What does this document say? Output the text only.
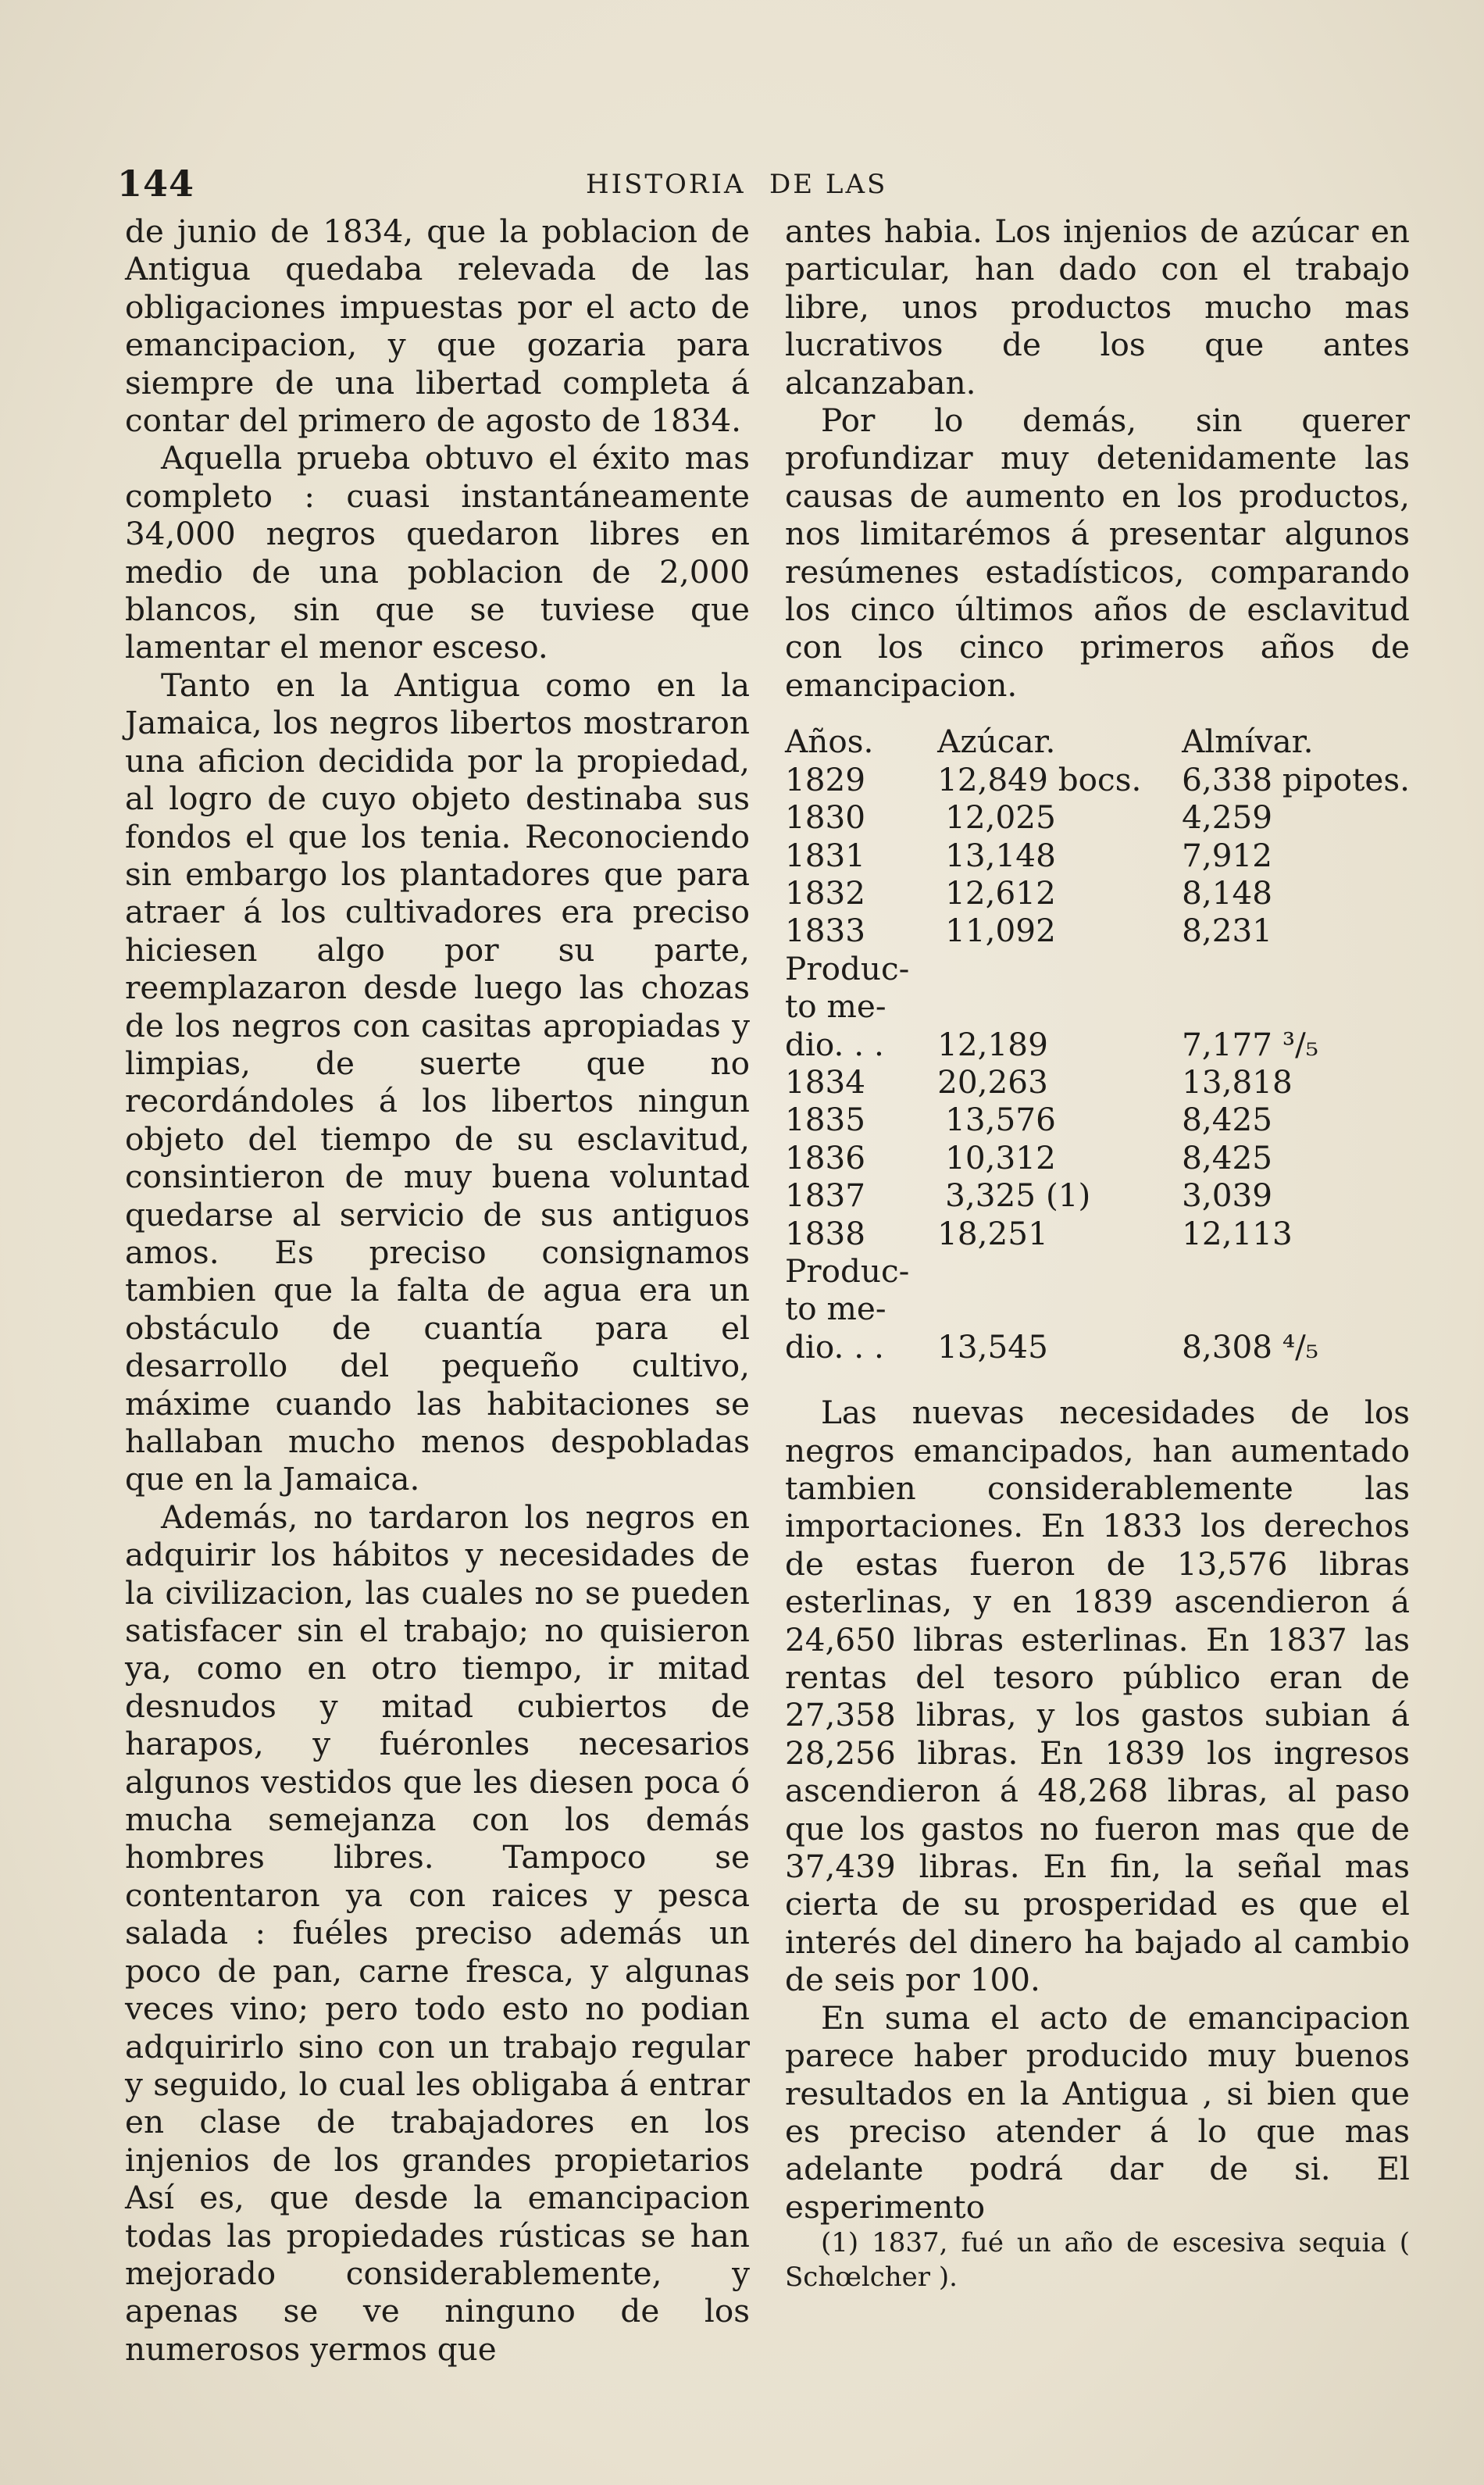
144	HISTORIA DE LAS

de junio de 1834, que la poblacion de Antigua quedaba relevada de las obligaciones impuestas por el acto de emancipacion, y que gozaria para siempre de una libertad completa á contar del primero de agosto de 1834.

Aquella prueba obtuvo el éxito mas completo : cuasi instantáneamente 34,000 negros quedaron libres en medio de una poblacion de 2,000 blancos, sin que se tuviese que lamentar el menor esceso.

Tanto en la Antigua como en la Jamaica, los negros libertos mostraron una aficion decidida por la propiedad, al logro de cuyo objeto destinaba sus fondos el que los tenia. Reconociendo sin embargo los plantadores que para atraer á los cultivadores era preciso hiciesen algo por su parte, reemplazaron desde luego las chozas de los negros con casitas apropiadas y limpias, de suerte que no recordándoles á los libertos ningun objeto del tiempo de su esclavitud, consintieron de muy buena voluntad quedarse al servicio de sus antiguos amos. Es preciso consignamos tambien que la falta de agua era un obstáculo de cuantía para el desarrollo del pequeño cultivo, máxime cuando las habitaciones se hallaban mucho menos despobladas que en la Jamaica.

Además, no tardaron los negros en adquirir los hábitos y necesidades de la civilizacion, las cuales no se pueden satisfacer sin el trabajo; no quisieron ya, como en otro tiempo, ir mitad desnudos y mitad cubiertos de harapos, y fuéronles necesarios algunos vestidos que les diesen poca ó mucha semejanza con los demás hombres libres. Tampoco se contentaron ya con raices y pesca salada : fuéles preciso además un poco de pan, carne fresca, y algunas veces vino; pero todo esto no podian adquirirlo sino con un trabajo regular y seguido, lo cual les obligaba á entrar en clase de trabajadores en los injenios de los grandes propietarios Así es, que desde la emancipacion todas las propiedades rústicas se han mejorado considerablemente, y apenas se ve ninguno de los numerosos yermos que

antes habia. Los injenios de azúcar en particular, han dado con el trabajo libre, unos productos mucho mas lucrativos de los que antes alcanzaban.

Por lo demás, sin querer profundizar muy detenidamente las causas de aumento en los productos, nos limitarémos á presentar algunos resúmenes estadísticos, comparando los cinco últimos años de esclavitud con los cinco primeros años de emancipacion.

Años.	Azúcar.	Almívar.
1829	12,849 bocs.	6,338 pipotes.
1830	12,025	4,259
1831	13,148	7,912
1832	12,612	8,148
1833	11,092	8,231
Produc-		
to me-		
dio. . .	12,189	7,177 ³/₅
1834	20,263	13,818
1835	13,576	8,425
1836	10,312	8,425
1837	3,325 (1)	3,039
1838	18,251	12,113
Produc-		
to me-		
dio. . .	13,545	8,308 ⁴/₅

Las nuevas necesidades de los negros emancipados, han aumentado tambien considerablemente las importaciones. En 1833 los derechos de estas fueron de 13,576 libras esterlinas, y en 1839 ascendieron á 24,650 libras esterlinas. En 1837 las rentas del tesoro público eran de 27,358 libras, y los gastos subian á 28,256 libras. En 1839 los ingresos ascendieron á 48,268 libras, al paso que los gastos no fueron mas que de 37,439 libras. En fin, la señal mas cierta de su prosperidad es que el interés del dinero ha bajado al cambio de seis por 100.

En suma el acto de emancipacion parece haber producido muy buenos resultados en la Antigua , si bien que es preciso atender á lo que mas adelante podrá dar de si. El esperimento

(1) 1837, fué un año de escesiva sequia ( Schœlcher ).
